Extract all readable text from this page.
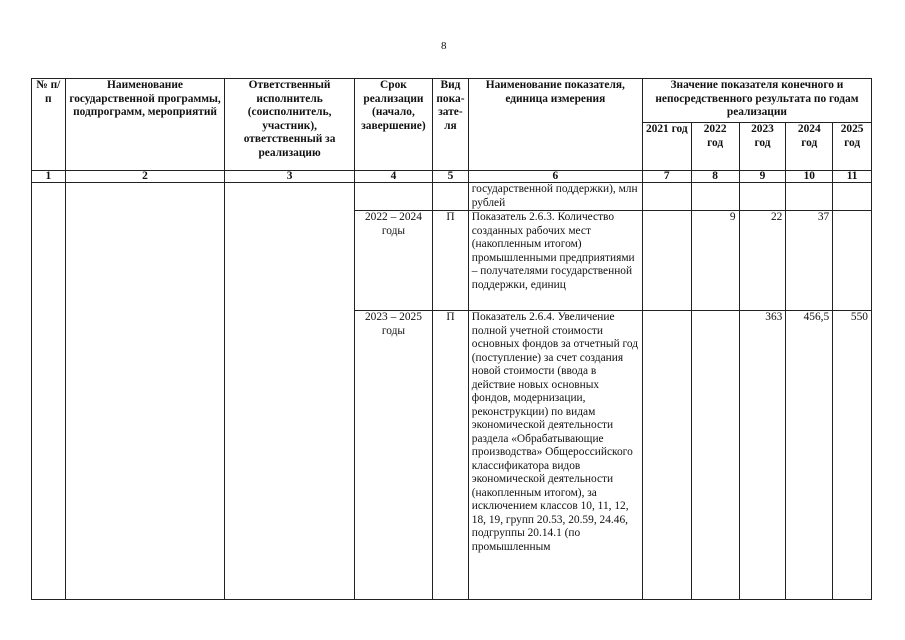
8
№ п/п	Наименование государственной программы, подпрограмм, мероприятий	Ответственный исполнитель (соисполнитель, участник), ответственный за реализацию	Срок реализации (начало, завершение)	Вид пока-зате-ля	Наименование показателя, единица измерения	Значение показателя конечного и непосредственного результата по годам реализации				
						2021 год	2022 год	2023 год	2024 год	2025 год
1	2	3	4	5	6	7	8	9	10	11
					государственной поддержки), млн рублей					
			2022 – 2024 годы	П	Показатель 2.6.3. Количество созданных рабочих мест (накопленным итогом) промышленными предприятиями – получателями государственной поддержки, единиц		9	22	37	
			2023 – 2025 годы	П	Показатель 2.6.4. Увеличение полной учетной стоимости основных фондов за отчетный год (поступление) за счет создания новой стоимости (ввода в действие новых основных фондов, модернизации, реконструкции) по видам экономической деятельности раздела «Обрабатывающие производства» Общероссийского классификатора видов экономической деятельности (накопленным итогом), за исключением классов 10, 11, 12, 18, 19, групп 20.53, 20.59, 24.46, подгруппы 20.14.1 (по промышленным			363	456,5	550
